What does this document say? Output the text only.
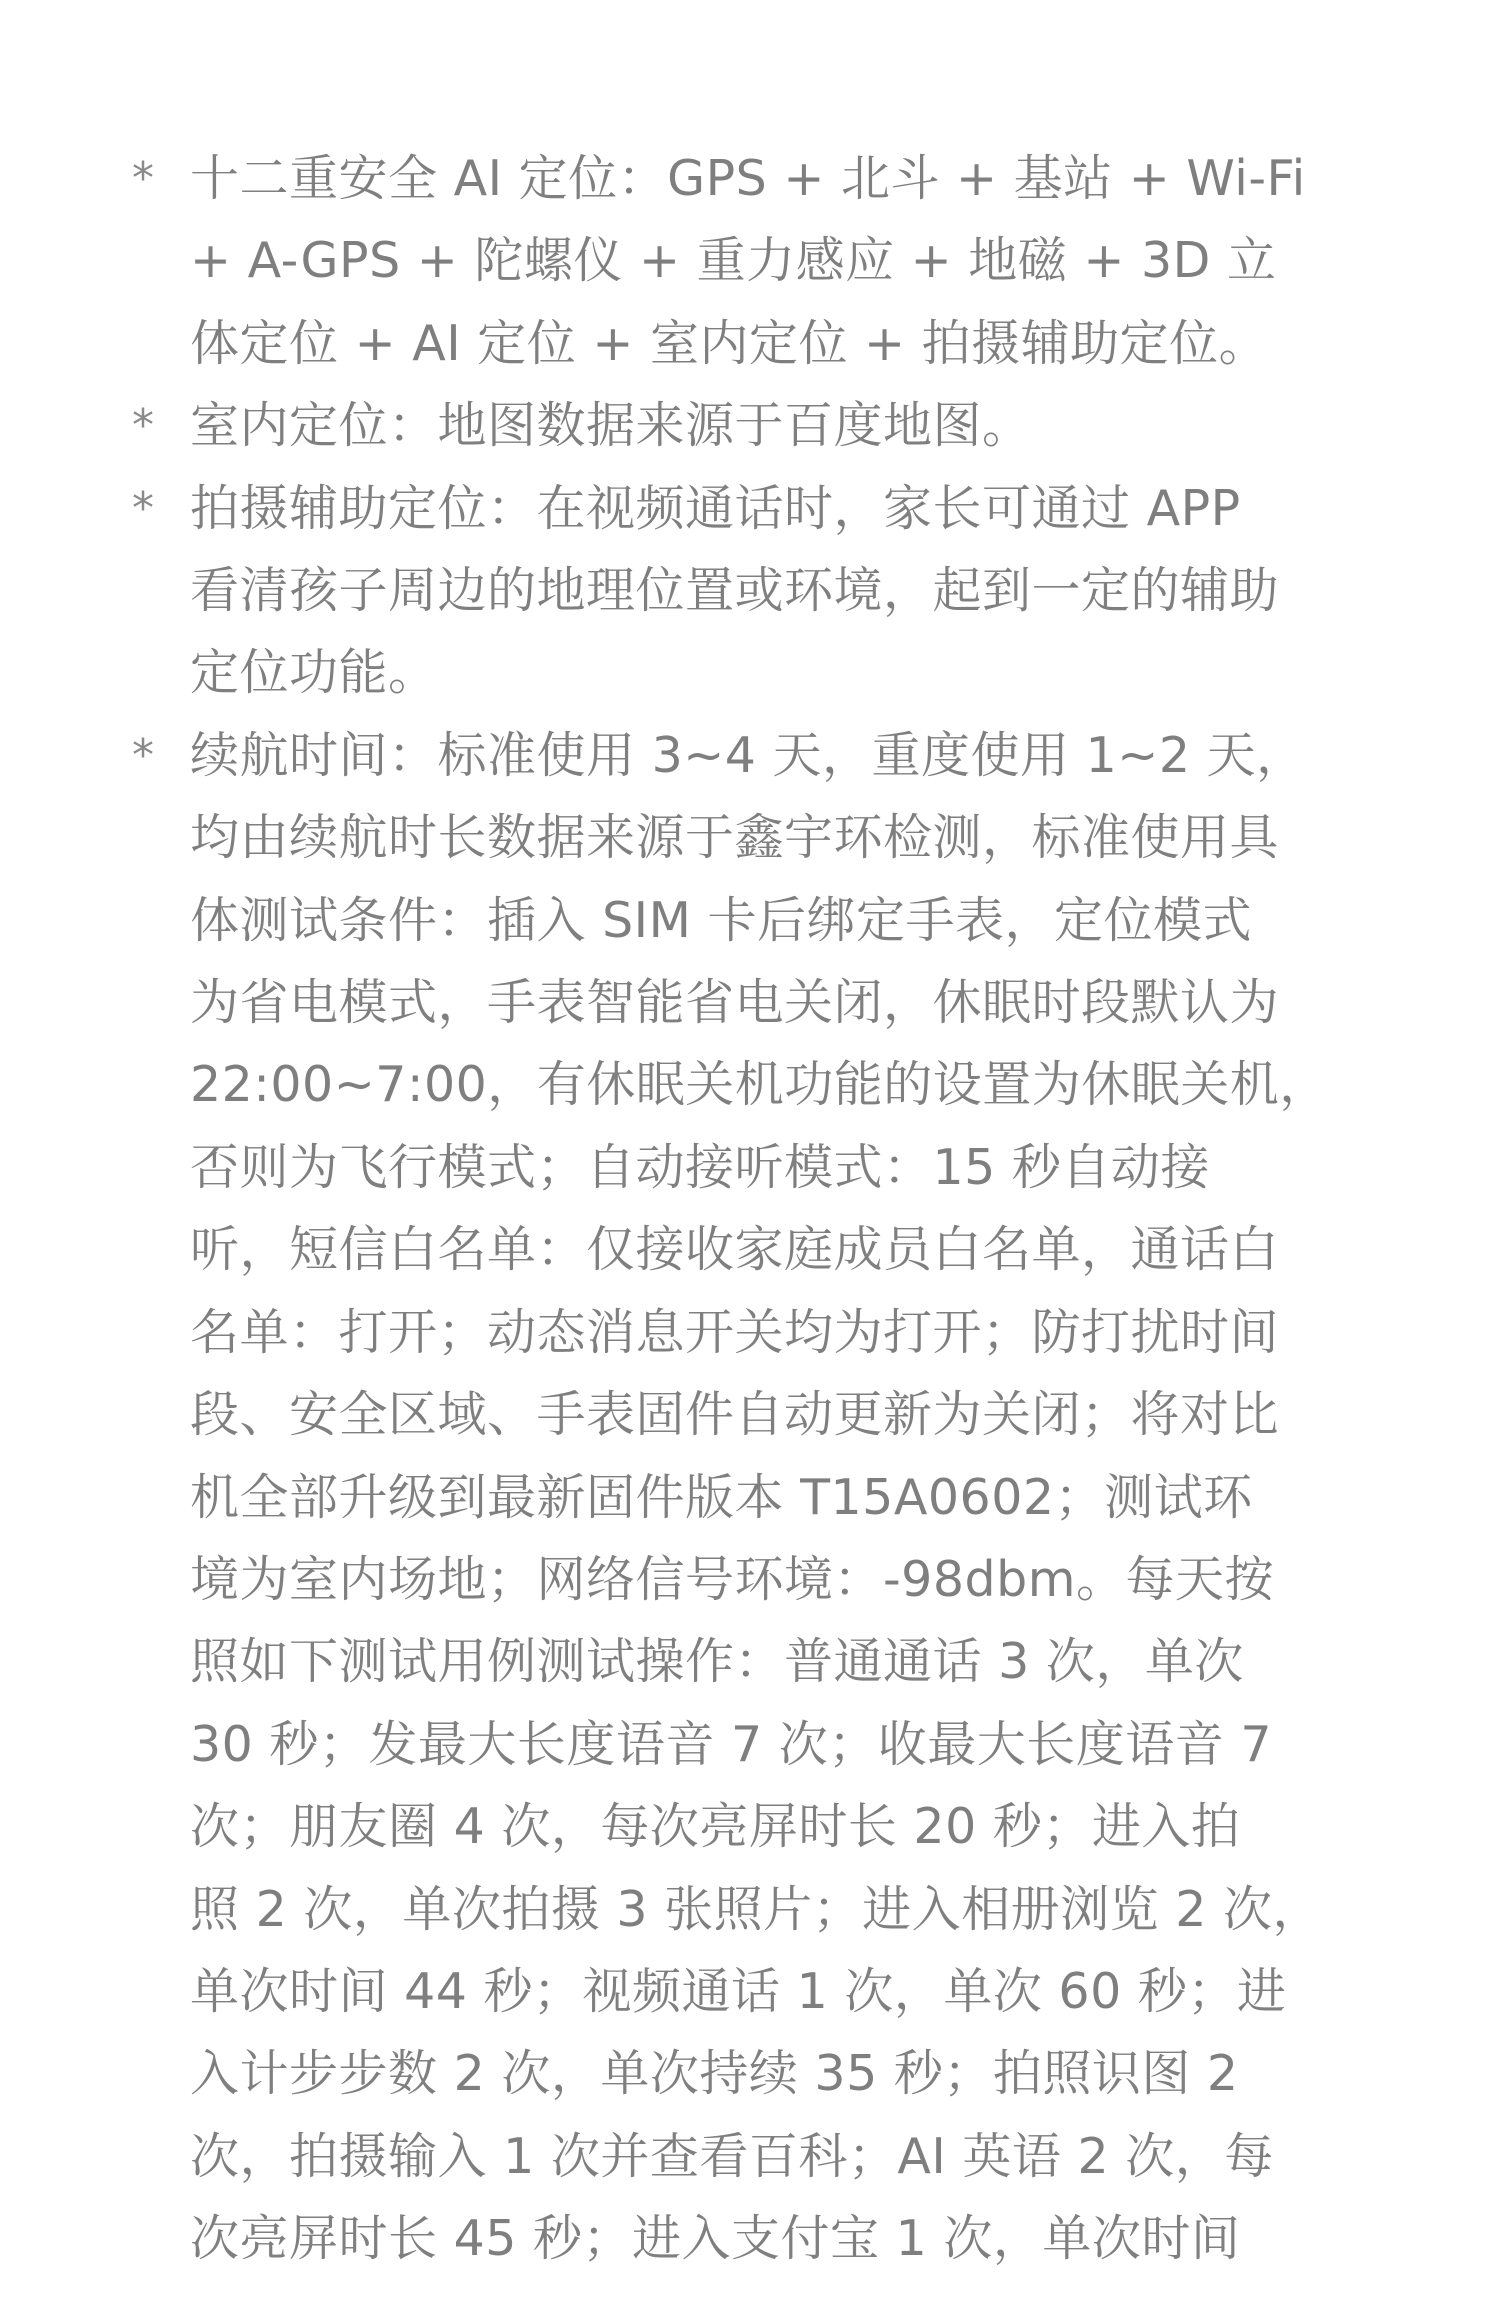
* 十二重安全 AI 定位：GPS + 北斗 + 基站 + Wi-Fi
+ A-GPS + 陀螺仪 + 重力感应 + 地磁 + 3D 立
体定位 + AI 定位 + 室内定位 + 拍摄辅助定位。
* 室内定位：地图数据来源于百度地图。
* 拍摄辅助定位：在视频通话时，家长可通过 APP
看清孩子周边的地理位置或环境，起到一定的辅助
定位功能。
* 续航时间：标准使用 3~4 天，重度使用 1~2 天，
均由续航时长数据来源于鑫宇环检测，标准使用具
体测试条件：插入 SIM 卡后绑定手表，定位模式
为省电模式，手表智能省电关闭，休眠时段默认为
22:00~7:00，有休眠关机功能的设置为休眠关机，
否则为飞行模式；自动接听模式：15 秒自动接
听，短信白名单：仅接收家庭成员白名单，通话白
名单：打开；动态消息开关均为打开；防打扰时间
段、安全区域、手表固件自动更新为关闭；将对比
机全部升级到最新固件版本 T15A0602；测试环
境为室内场地；网络信号环境：-98dbm。每天按
照如下测试用例测试操作：普通通话 3 次，单次
30 秒；发最大长度语音 7 次；收最大长度语音 7
次；朋友圈 4 次，每次亮屏时长 20 秒；进入拍
照 2 次，单次拍摄 3 张照片；进入相册浏览 2 次，
单次时间 44 秒；视频通话 1 次，单次 60 秒；进
入计步步数 2 次，单次持续 35 秒；拍照识图 2
次，拍摄输入 1 次并查看百科；AI 英语 2 次，每
次亮屏时长 45 秒；进入支付宝 1 次，单次时间
